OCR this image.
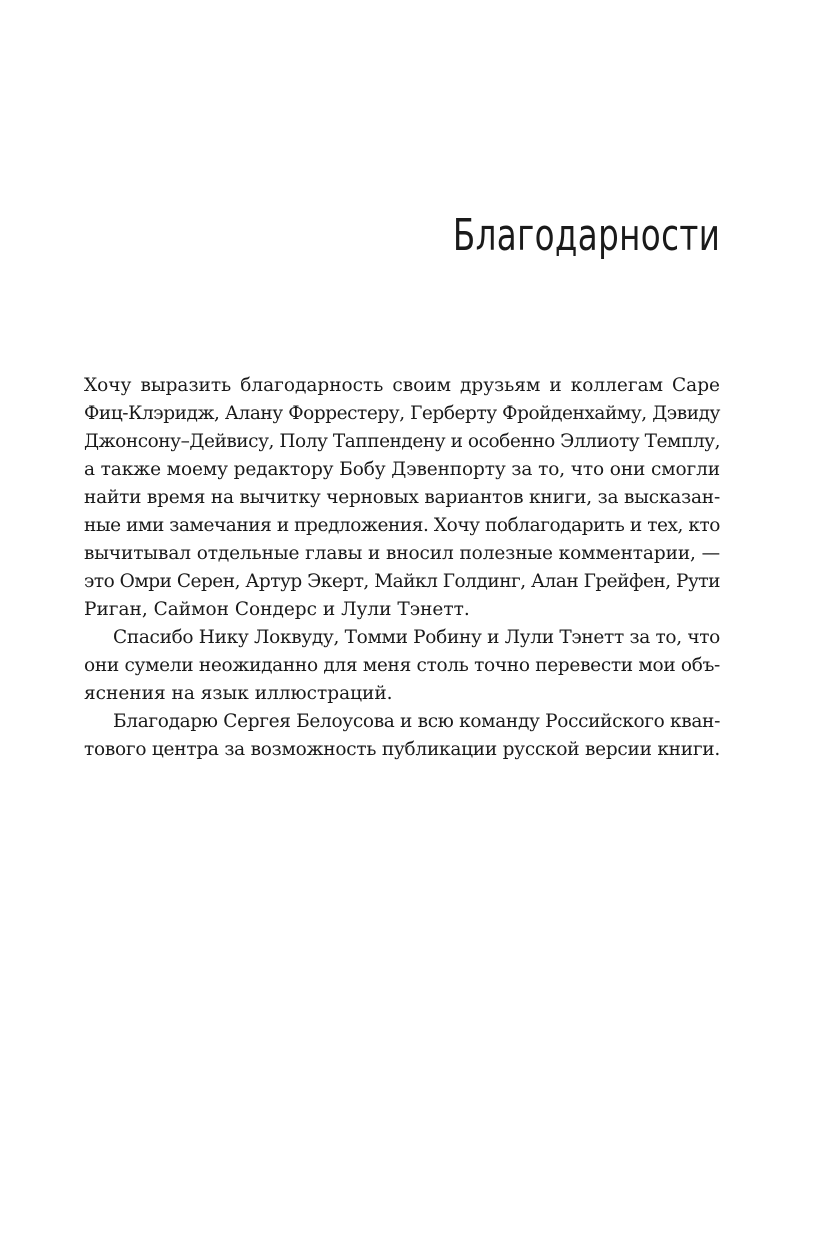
Благодарности

Хочу выразить благодарность своим друзьям и коллегам Саре
Фиц-Клэридж, Алану Форрестеру, Герберту Фройденхайму, Дэвиду
Джонсону–Дейвису, Полу Таппендену и особенно Эллиоту Темплу,
а также моему редактору Бобу Дэвенпорту за то, что они смогли
найти время на вычитку черновых вариантов книги, за высказан-
ные ими замечания и предложения. Хочу поблагодарить и тех, кто
вычитывал отдельные главы и вносил полезные комментарии, —
это Омри Серен, Артур Экерт, Майкл Голдинг, Алан Грейфен, Рути
Риган, Саймон Сондерс и Лули Тэнетт.

Спасибо Нику Локвуду, Томми Робину и Лули Тэнетт за то, что
они сумели неожиданно для меня столь точно перевести мои объ-
яснения на язык иллюстраций.

Благодарю Сергея Белоусова и всю команду Российского кван-
тового центра за возможность публикации русской версии книги.
